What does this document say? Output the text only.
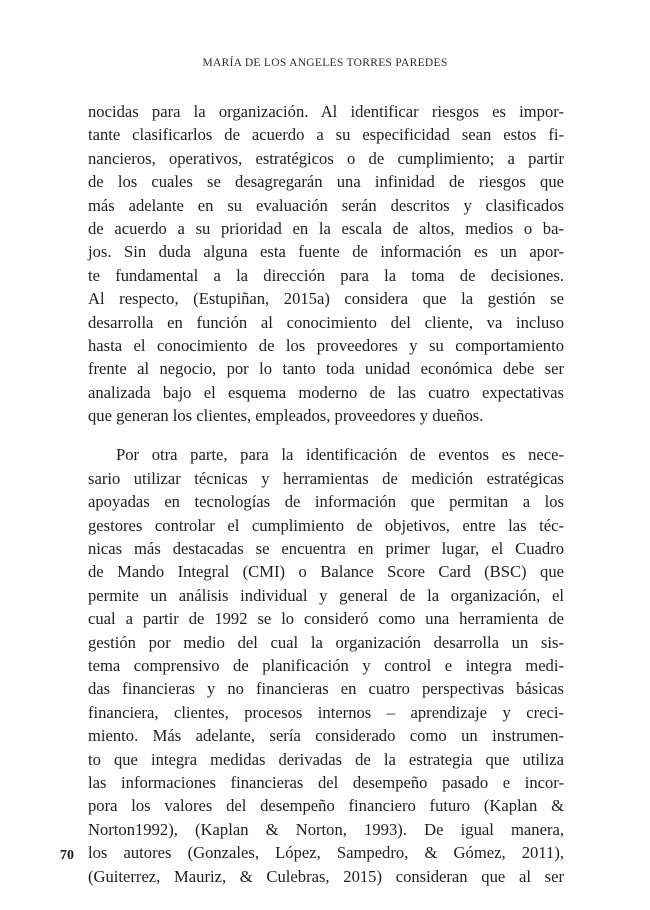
MARÍA DE LOS ANGELES TORRES PAREDES
nocidas para la organización. Al identificar riesgos es impor-
tante clasificarlos de acuerdo a su especificidad sean estos fi-
nancieros, operativos, estratégicos o de cumplimiento; a partir
de los cuales se desagregarán una infinidad de riesgos que
más adelante en su evaluación serán descritos y clasificados
de acuerdo a su prioridad en la escala de altos, medios o ba-
jos. Sin duda alguna esta fuente de información es un apor-
te fundamental a la dirección para la toma de decisiones.
Al respecto, (Estupiñan, 2015a) considera que la gestión se
desarrolla en función al conocimiento del cliente, va incluso
hasta el conocimiento de los proveedores y su comportamiento
frente al negocio, por lo tanto toda unidad económica debe ser
analizada bajo el esquema moderno de las cuatro expectativas
que generan los clientes, empleados, proveedores y dueños.
Por otra parte, para la identificación de eventos es nece-
sario utilizar técnicas y herramientas de medición estratégicas
apoyadas en tecnologías de información que permitan a los
gestores controlar el cumplimiento de objetivos, entre las téc-
nicas más destacadas se encuentra en primer lugar, el Cuadro
de Mando Integral (CMI) o Balance Score Card (BSC) que
permite un análisis individual y general de la organización, el
cual a partir de 1992 se lo consideró como una herramienta de
gestión por medio del cual la organización desarrolla un sis-
tema comprensivo de planificación y control e integra medi-
das financieras y no financieras en cuatro perspectivas básicas
financiera, clientes, procesos internos – aprendizaje y creci-
miento. Más adelante, sería considerado como un instrumen-
to que integra medidas derivadas de la estrategia que utiliza
las informaciones financieras del desempeño pasado e incor-
pora los valores del desempeño financiero futuro (Kaplan &
Norton1992), (Kaplan & Norton, 1993). De igual manera,
los autores (Gonzales, López, Sampedro, & Gómez, 2011),
(Guiterrez, Mauriz, & Culebras, 2015) consideran que al ser
70
